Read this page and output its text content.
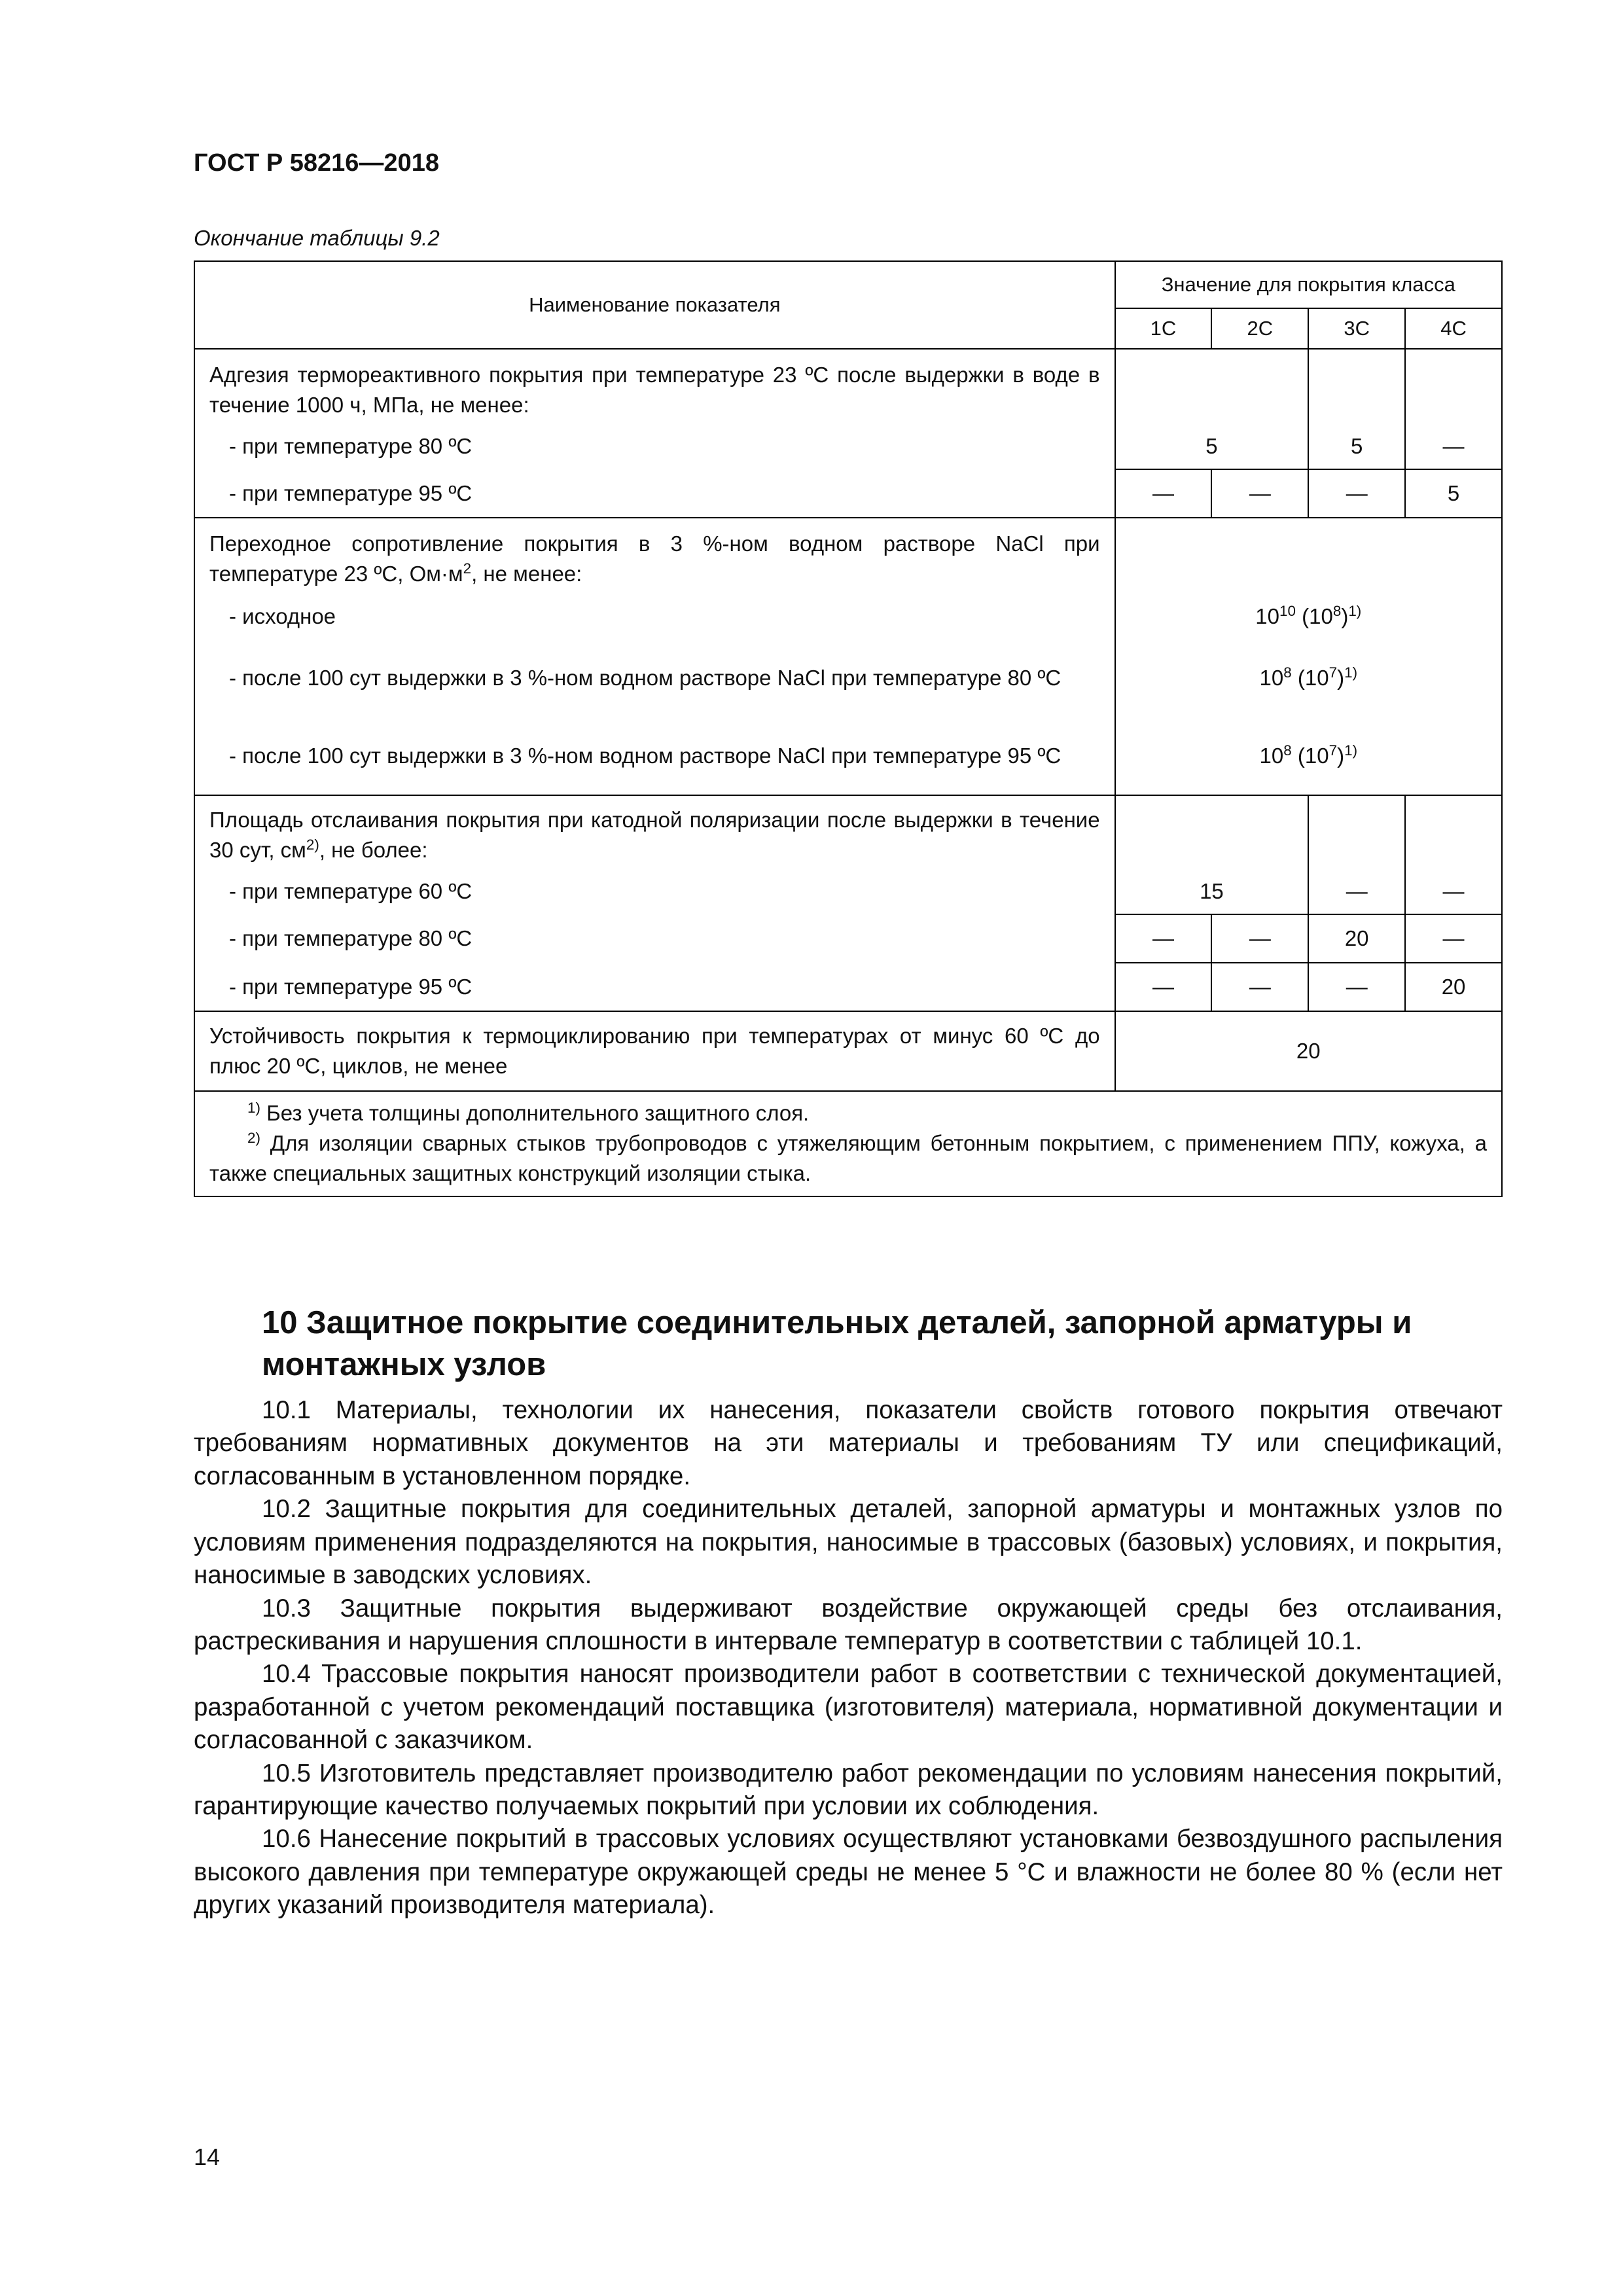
ГОСТ Р 58216—2018
Окончание таблицы 9.2
Наименование показателя	Значение для покрытия класса			
	1С	2С	3С	4С
Адгезия термореактивного покрытия при температуре 23 ºС после выдержки в воде в течение 1000 ч, МПа, не менее:				
- при температуре 80 ºС	5		5	—
- при температуре 95 ºС	—	—	—	5
Переходное сопротивление покрытия в 3 %-ном водном растворе NaCl при температуре 23 ºС, $Ом\cdot м^2$, не менее:				
- исходное	$10^{10}$ $(10^8)^{1)}$
- после 100 сут выдержки в 3 %-ном водном растворе NaCl при температуре 80 ºС	$10^8$ $(10^7)^{1)}$
- после 100 сут выдержки в 3 %-ном водном растворе NaCl при температуре 95 ºС	$10^8$ $(10^7)^{1)}$
Площадь отслаивания покрытия при катодной поляризации после выдержки в течение 30 сут, $см^{2)}$, не более:				
- при температуре 60 ºС	15		—	—
- при температуре 80 ºС	—	—	20	—
- при температуре 95 ºС	—	—	—	20
Устойчивость покрытия к термоциклированию при температурах от минус 60 ºС до плюс 20 ºС, циклов, не менее	20			

$^{1)}$ Без учета толщины дополнительного защитного слоя.
$^{2)}$ Для изоляции сварных стыков трубопроводов с утяжеляющим бетонным покрытием, с применением ППУ, кожуха, а также специальных защитных конструкций изоляции стыка.				
10 Защитное покрытие соединительных деталей, запорной арматуры и монтажных узлов

10.1 Материалы, технологии их нанесения, показатели свойств готового покрытия отвечают требованиям нормативных документов на эти материалы и требованиям ТУ или спецификаций, согласованным в установленном порядке.

10.2 Защитные покрытия для соединительных деталей, запорной арматуры и монтажных узлов по условиям применения подразделяются на покрытия, наносимые в трассовых (базовых) условиях, и покрытия, наносимые в заводских условиях.

10.3 Защитные покрытия выдерживают воздействие окружающей среды без отслаивания, растрескивания и нарушения сплошности в интервале температур в соответствии с таблицей 10.1.

10.4 Трассовые покрытия наносят производители работ в соответствии с технической документацией, разработанной с учетом рекомендаций поставщика (изготовителя) материала, нормативной документации и согласованной с заказчиком.

10.5 Изготовитель представляет производителю работ рекомендации по условиям нанесения покрытий, гарантирующие качество получаемых покрытий при условии их соблюдения.

10.6 Нанесение покрытий в трассовых условиях осуществляют установками безвоздушного распыления высокого давления при температуре окружающей среды не менее 5 °С и влажности не более 80 % (если нет других указаний производителя материала).

14
